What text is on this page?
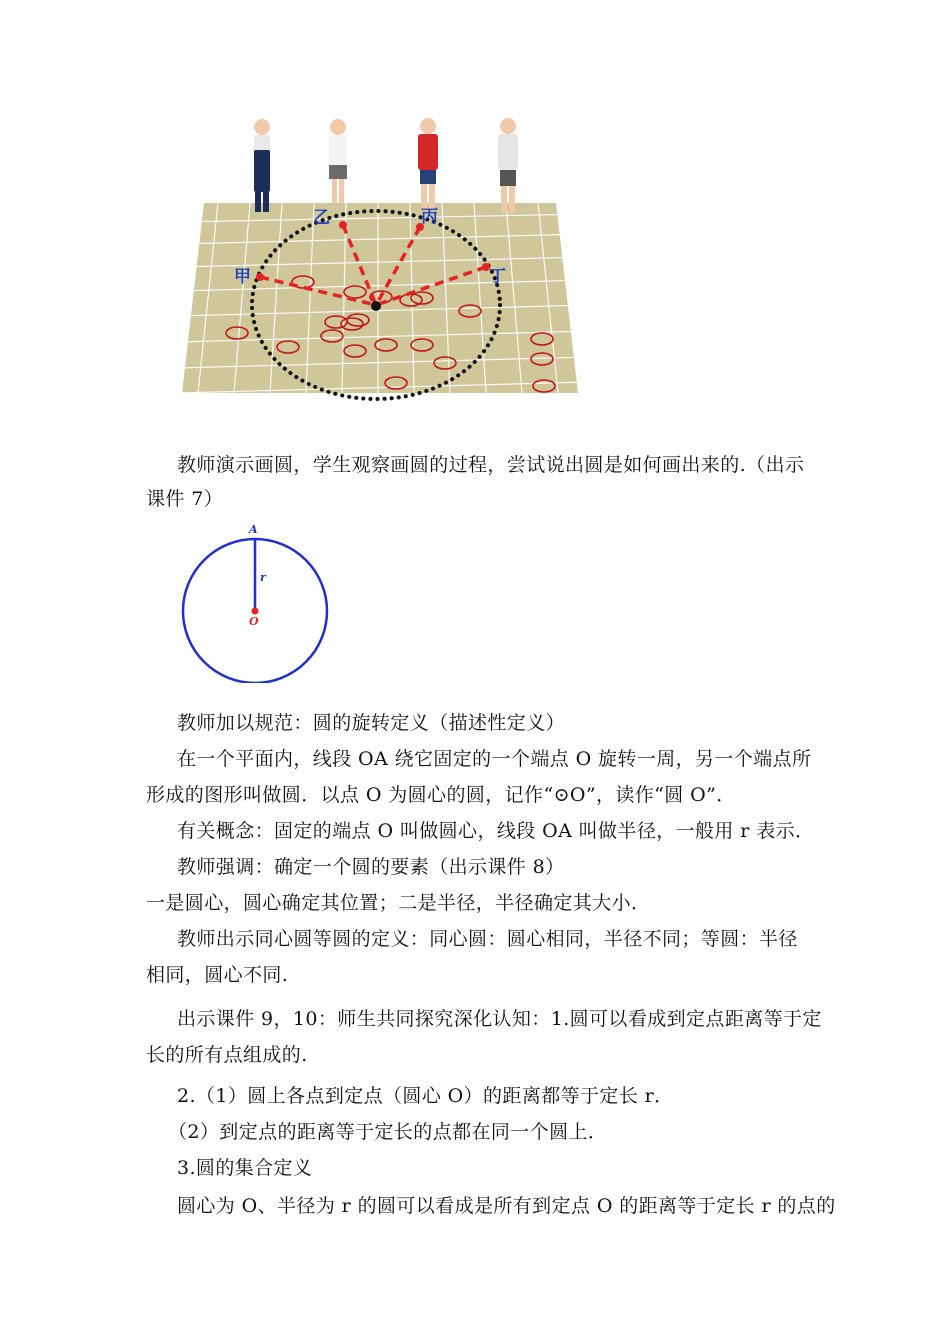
甲
乙	丙
丁
教师演示画圆，学生观察画圆的过程，尝试说出圆是如何画出来的.（出示
课件 7）
A
r
O
教师加以规范：圆的旋转定义（描述性定义）
在一个平面内，线段 OA 绕它固定的一个端点 O 旋转一周，另一个端点所
形成的图形叫做圆．以点 O 为圆心的圆，记作“⊙O”，读作“圆 O”．
有关概念：固定的端点 O 叫做圆心，线段 OA 叫做半径，一般用 r 表示．
教师强调：确定一个圆的要素（出示课件 8）
一是圆心，圆心确定其位置；二是半径，半径确定其大小．
教师出示同心圆等圆的定义：同心圆：圆心相同，半径不同；等圆：半径
相同，圆心不同.
出示课件 9，10：师生共同探究深化认知：1.圆可以看成到定点距离等于定
长的所有点组成的.
2.（1）圆上各点到定点（圆心 O）的距离都等于定长 r．
（2）到定点的距离等于定长的点都在同一个圆上．
3.圆的集合定义
圆心为 O、半径为 r 的圆可以看成是所有到定点 O 的距离等于定长 r 的点的
